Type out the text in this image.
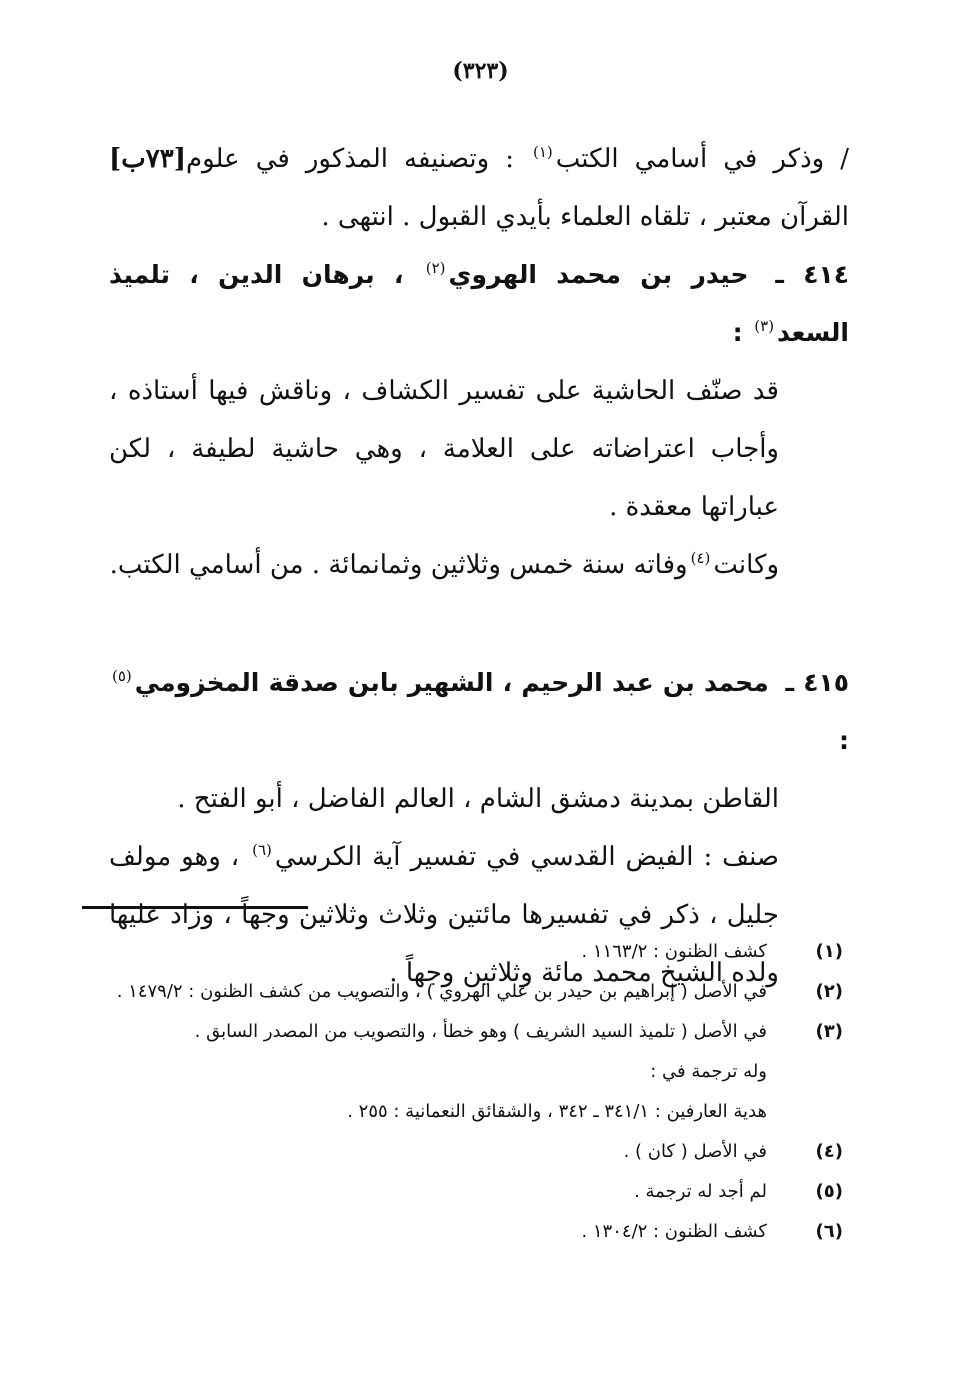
(٣٢٣)

[٧٣ب]	/ وذكر في أسامي الكتب$^{(١)}$ : وتصنيفه المذكور في علوم القرآن معتبر ، تلقاه العلماء بأيدي القبول . انتهى .

٤١٤ ـ حيدر بن محمد الهروي$^{(٢)}$ ، برهان الدين ، تلميذ السعد$^{(٣)}$ :

قد صنّف الحاشية على تفسير الكشاف ، وناقش فيها أستاذه ، وأجاب اعتراضاته على العلامة ، وهي حاشية لطيفة ، لكن عباراتها معقدة .

وكانت$^{(٤)}$وفاته سنة خمس وثلاثين وثمانمائة . من أسامي الكتب.

٤١٥ ـ محمد بن عبد الرحيم ، الشهير بابن صدقة المخزومي$^{(٥)}$ :

القاطن بمدينة دمشق الشام ، العالم الفاضل ، أبو الفتح .

صنف : الفيض القدسي في تفسير آية الكرسي$^{(٦)}$ ، وهو مولف جليل ، ذكر في تفسيرها مائتين وثلاث وثلاثين وجهاً ، وزاد عليها ولده الشيخ محمد مائة وثلاثين وجهاً .

(١)
كشف الظنون : ١١٦٣/٢ .
(٢)
في الأصل ( إبراهيم بن حيدر بن علي الهروي ) ، والتصويب من كشف الظنون : ١٤٧٩/٢ .
(٣)
في الأصل ( تلميذ السيد الشريف ) وهو خطأ ، والتصويب من المصدر السابق .
وله ترجمة في :
هدية العارفين : ٣٤١/١ ـ ٣٤٢ ، والشقائق النعمانية : ٢٥٥ .
(٤)
في الأصل ( كان ) .
(٥)
لم أجد له ترجمة .
(٦)
كشف الظنون : ١٣٠٤/٢ .
